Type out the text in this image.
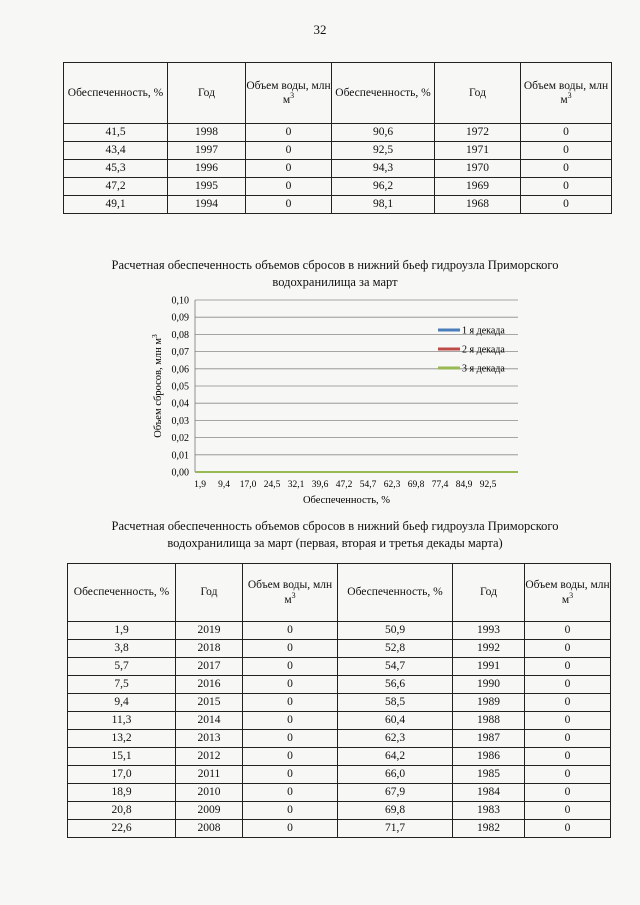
32
Обеспеченность, %	Год	Объем воды, млн $м^3$	Обеспеченность, %	Год	Объем воды, млн $м^3$
41,5	1998	0	90,6	1972	0
43,4	1997	0	92,5	1971	0
45,3	1996	0	94,3	1970	0
47,2	1995	0	96,2	1969	0
49,1	1994	0	98,1	1968	0
Расчетная обеспеченность объемов сбросов в нижний бьеф гидроузла Приморского водохранилища за март
0,00
0,01
0,02
0,03
0,04
0,05
0,06
0,07
0,08
0,09
0,10
1,9 9,4 17,0 24,5 32,1 39,6 47,2 54,7 62,3 69,8 77,4 84,9 92,5
1 я декада
2 я декада
3 я декада
Обеспеченность, %
Объем сбросов, млн $м^3$
Расчетная обеспеченность объемов сбросов в нижний бьеф гидроузла Приморского водохранилища за март (первая, вторая и третья декады марта)
Обеспеченность, %	Год	Объем воды, млн $м^3$	Обеспеченность, %	Год	Объем воды, млн $м^3$
1,9	2019	0	50,9	1993	0
3,8	2018	0	52,8	1992	0
5,7	2017	0	54,7	1991	0
7,5	2016	0	56,6	1990	0
9,4	2015	0	58,5	1989	0
11,3	2014	0	60,4	1988	0
13,2	2013	0	62,3	1987	0
15,1	2012	0	64,2	1986	0
17,0	2011	0	66,0	1985	0
18,9	2010	0	67,9	1984	0
20,8	2009	0	69,8	1983	0
22,6	2008	0	71,7	1982	0
